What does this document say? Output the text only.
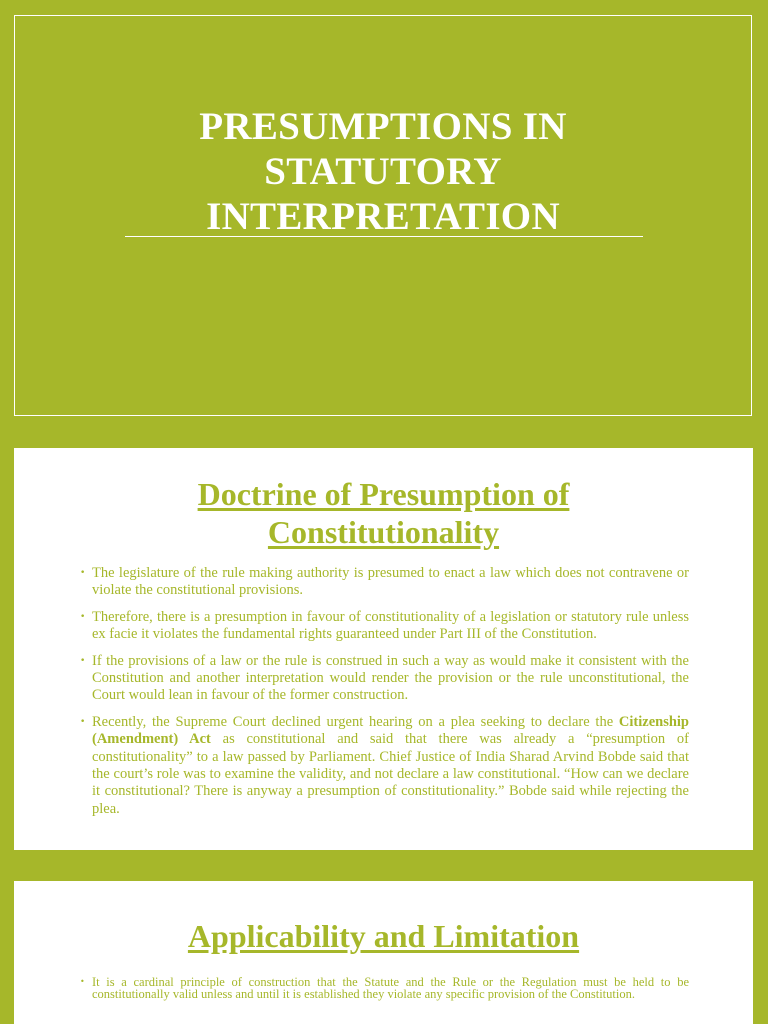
PRESUMPTIONS IN
STATUTORY
INTERPRETATION
Doctrine of Presumption of
Constitutionality
• The legislature of the rule making authority is presumed to enact a law which does not contravene or violate the constitutional provisions.
• Therefore, there is a presumption in favour of constitutionality of a legislation or statutory rule unless ex facie it violates the fundamental rights guaranteed under Part III of the Constitution.
• If the provisions of a law or the rule is construed in such a way as would make it consistent with the Constitution and another interpretation would render the provision or the rule unconstitutional, the Court would lean in favour of the former construction.
• Recently, the Supreme Court declined urgent hearing on a plea seeking to declare the Citizenship (Amendment) Act as constitutional and said that there was already a “presumption of constitutionality” to a law passed by Parliament. Chief Justice of India Sharad Arvind Bobde said that the court’s role was to examine the validity, and not declare a law constitutional. “How can we declare it constitutional? There is anyway a presumption of constitutionality.” Bobde said while rejecting the plea.
Applicability and Limitation
• It is a cardinal principle of construction that the Statute and the Rule or the Regulation must be held to be constitutionally valid unless and until it is established they violate any specific provision of the Constitution.
